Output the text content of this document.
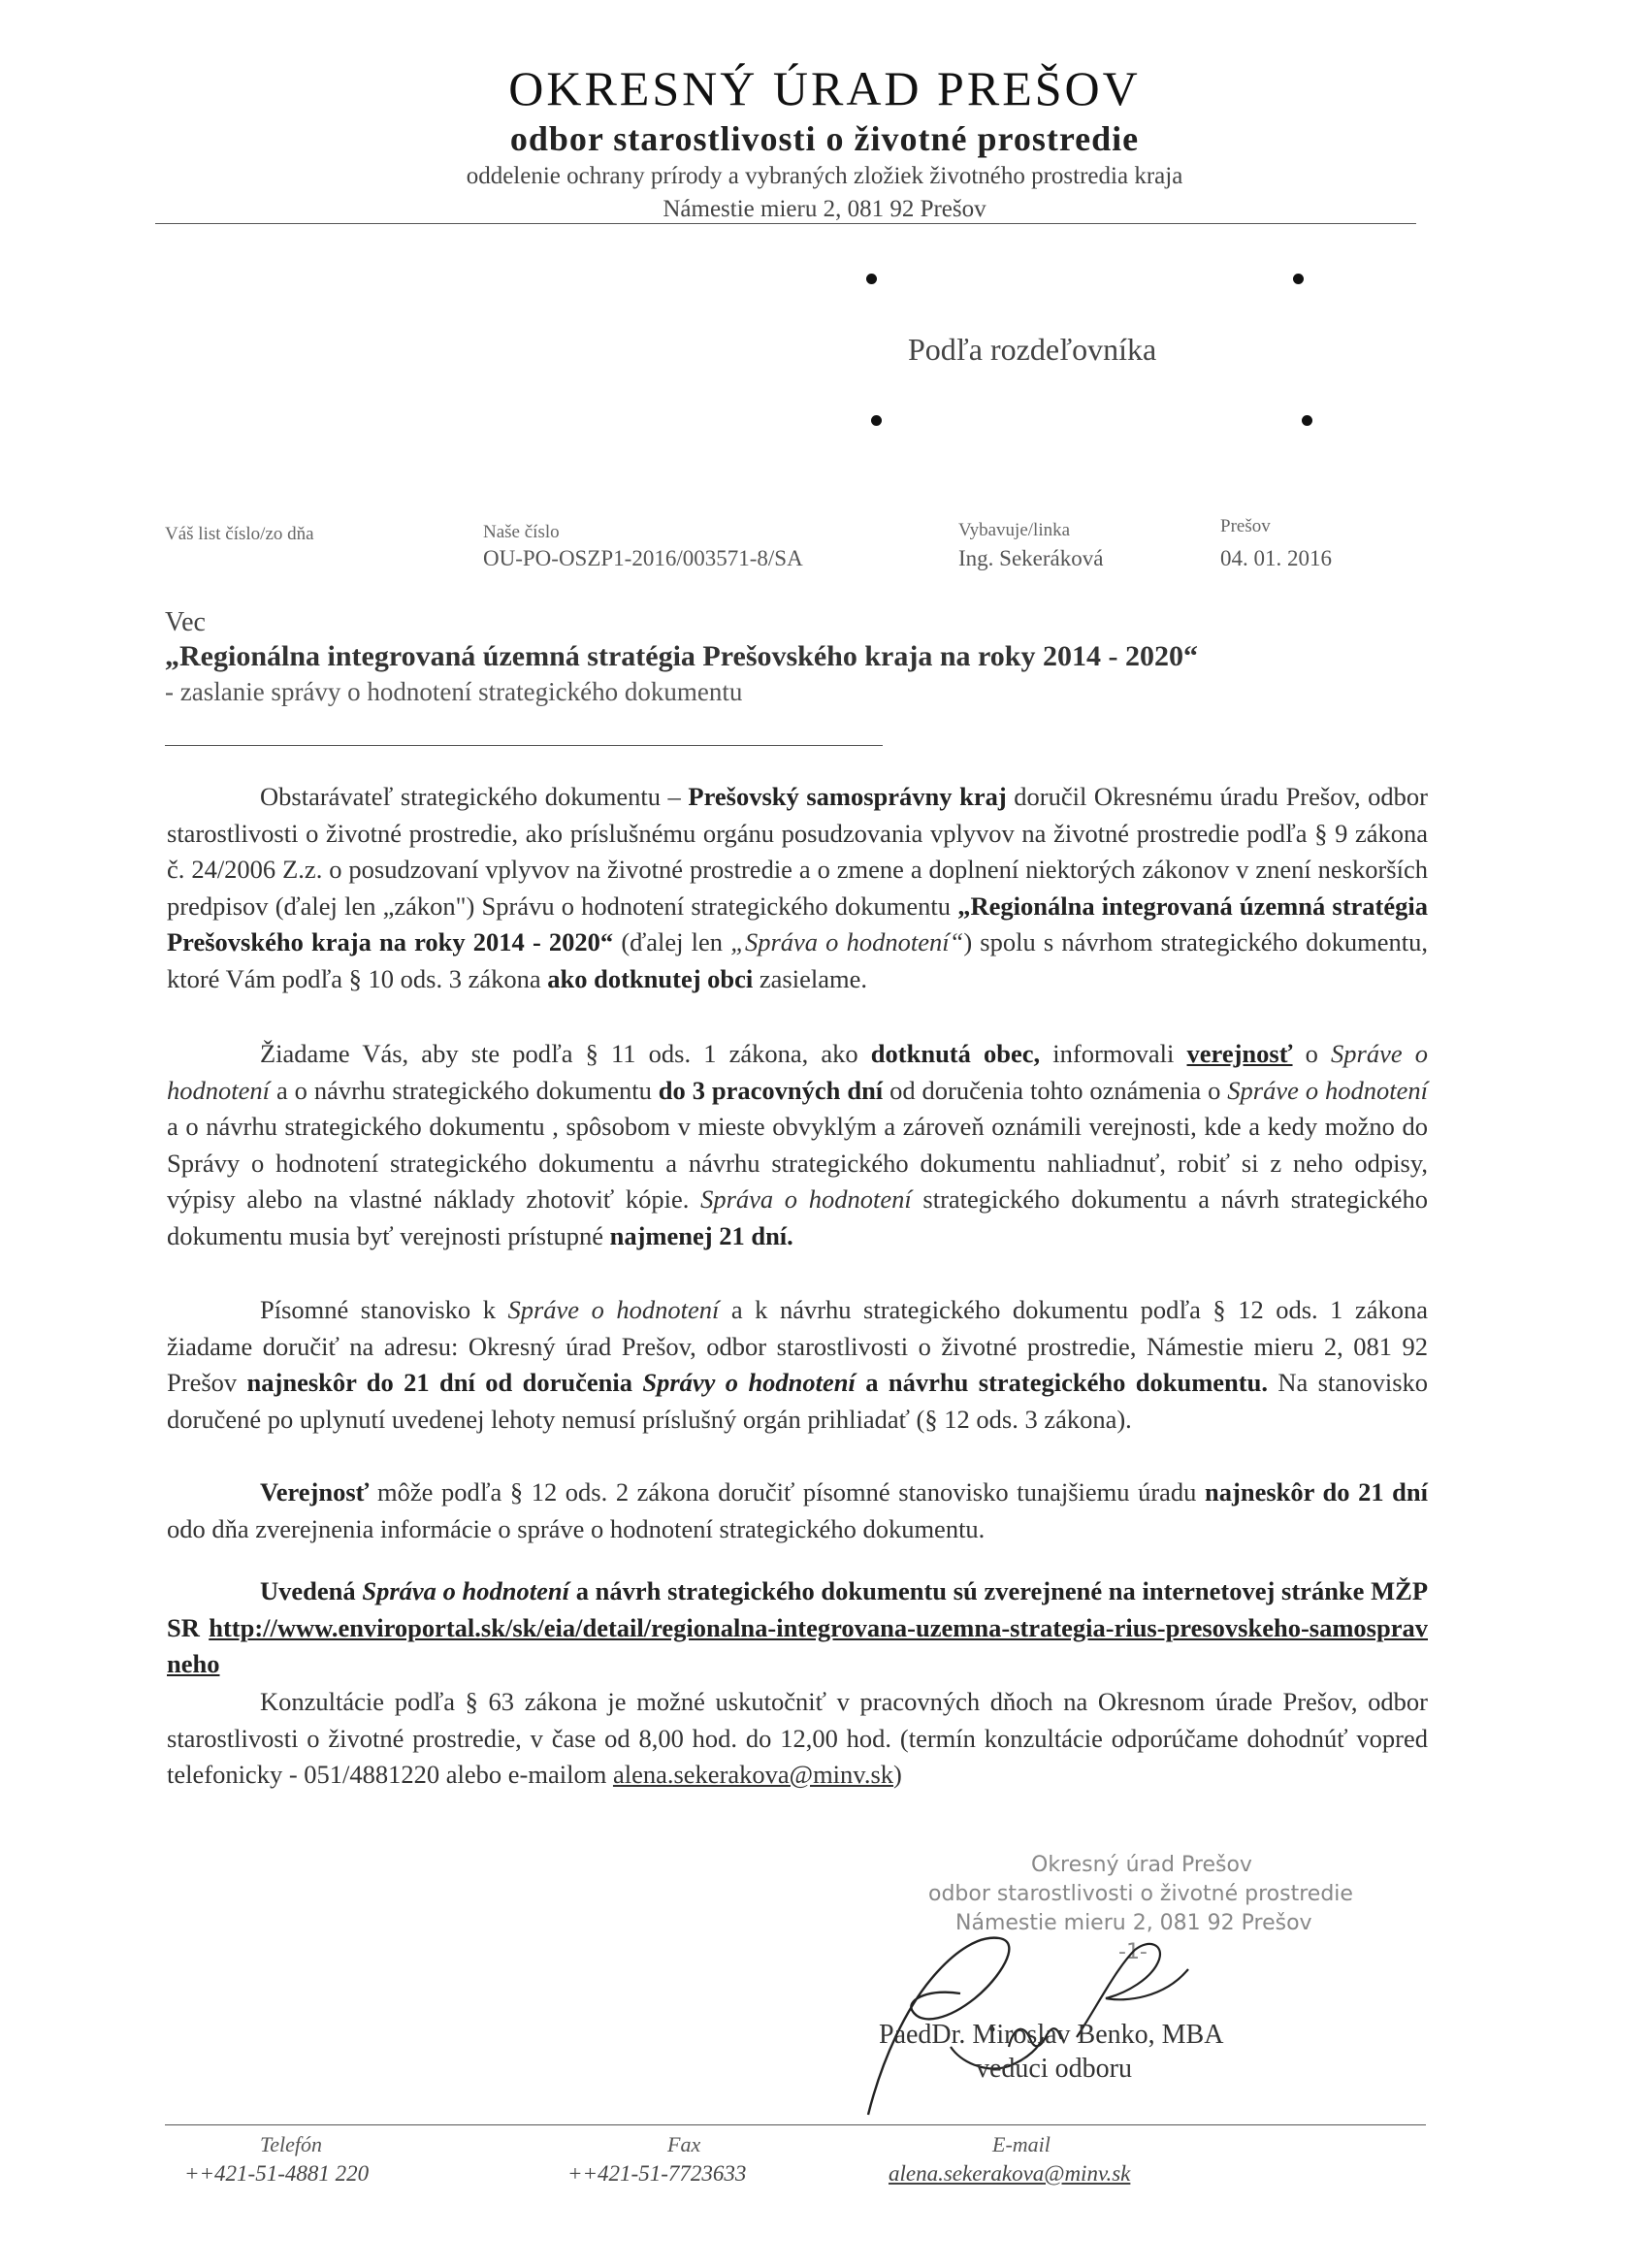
OKRESNÝ ÚRAD PREŠOV
odbor starostlivosti o životné prostredie
oddelenie ochrany prírody a vybraných zložiek životného prostredia kraja
Námestie mieru 2, 081 92 Prešov
Podľa rozdeľovníka
Váš list číslo/zo dňa	Naše číslo
OU-PO-OSZP1-2016/003571-8/SA
Vybavuje/linka
Ing. Sekeráková
Prešov
04. 01. 2016
Vec
„Regionálna integrovaná územná stratégia Prešovského kraja na roky 2014 - 2020“
- zaslanie správy o hodnotení strategického dokumentu
Obstarávateľ strategického dokumentu – Prešovský samosprávny kraj doručil Okresnému úradu Prešov, odbor starostlivosti o životné prostredie, ako príslušnému orgánu posudzovania vplyvov na životné prostredie podľa § 9 zákona č. 24/2006 Z.z. o posudzovaní vplyvov na životné prostredie a o zmene a doplnení niektorých zákonov v znení neskorších predpisov (ďalej len „zákon") Správu o hodnotení strategického dokumentu „Regionálna integrovaná územná stratégia Prešovského kraja na roky 2014 - 2020“ (ďalej len „Správa o hodnotení“) spolu s návrhom strategického dokumentu, ktoré Vám podľa § 10 ods. 3 zákona ako dotknutej obci zasielame.
Žiadame Vás, aby ste podľa § 11 ods. 1 zákona, ako dotknutá obec, informovali verejnosť o Správe o hodnotení a o návrhu strategického dokumentu do 3 pracovných dní od doručenia tohto oznámenia o Správe o hodnotení a o návrhu strategického dokumentu , spôsobom v mieste obvyklým a zároveň oznámili verejnosti, kde a kedy možno do Správy o hodnotení strategického dokumentu a návrhu strategického dokumentu nahliadnuť, robiť si z neho odpisy, výpisy alebo na vlastné náklady zhotoviť kópie. Správa o hodnotení strategického dokumentu a návrh strategického dokumentu musia byť verejnosti prístupné najmenej 21 dní.
Písomné stanovisko k Správe o hodnotení a k návrhu strategického dokumentu podľa § 12 ods. 1 zákona žiadame doručiť na adresu: Okresný úrad Prešov, odbor starostlivosti o životné prostredie, Námestie mieru 2, 081 92 Prešov najneskôr do 21 dní od doručenia Správy o hodnotení a návrhu strategického dokumentu. Na stanovisko doručené po uplynutí uvedenej lehoty nemusí príslušný orgán prihliadať (§ 12 ods. 3 zákona).
Verejnosť môže podľa § 12 ods. 2 zákona doručiť písomné stanovisko tunajšiemu úradu najneskôr do 21 dní odo dňa zverejnenia informácie o správe o hodnotení strategického dokumentu.
Uvedená Správa o hodnotení a návrh strategického dokumentu sú zverejnené na internetovej stránke MŽP SR http://www.enviroportal.sk/sk/eia/detail/regionalna-integrovana-uzemna-strategia-rius-presovskeho-samospravneho
Konzultácie podľa § 63 zákona je možné uskutočniť v pracovných dňoch na Okresnom úrade Prešov, odbor starostlivosti o životné prostredie, v čase od 8,00 hod. do 12,00 hod. (termín konzultácie odporúčame dohodnúť vopred telefonicky - 051/4881220 alebo e-mailom alena.sekerakova@minv.sk)
Okresný úrad Prešov
odbor starostlivosti o životné prostredie
Námestie mieru 2, 081 92 Prešov
-1-
PaedDr. Miroslav Benko, MBA
vedúci odboru
Telefón
++421-51-4881 220
Fax
++421-51-7723633
E-mail
alena.sekerakova@minv.sk
